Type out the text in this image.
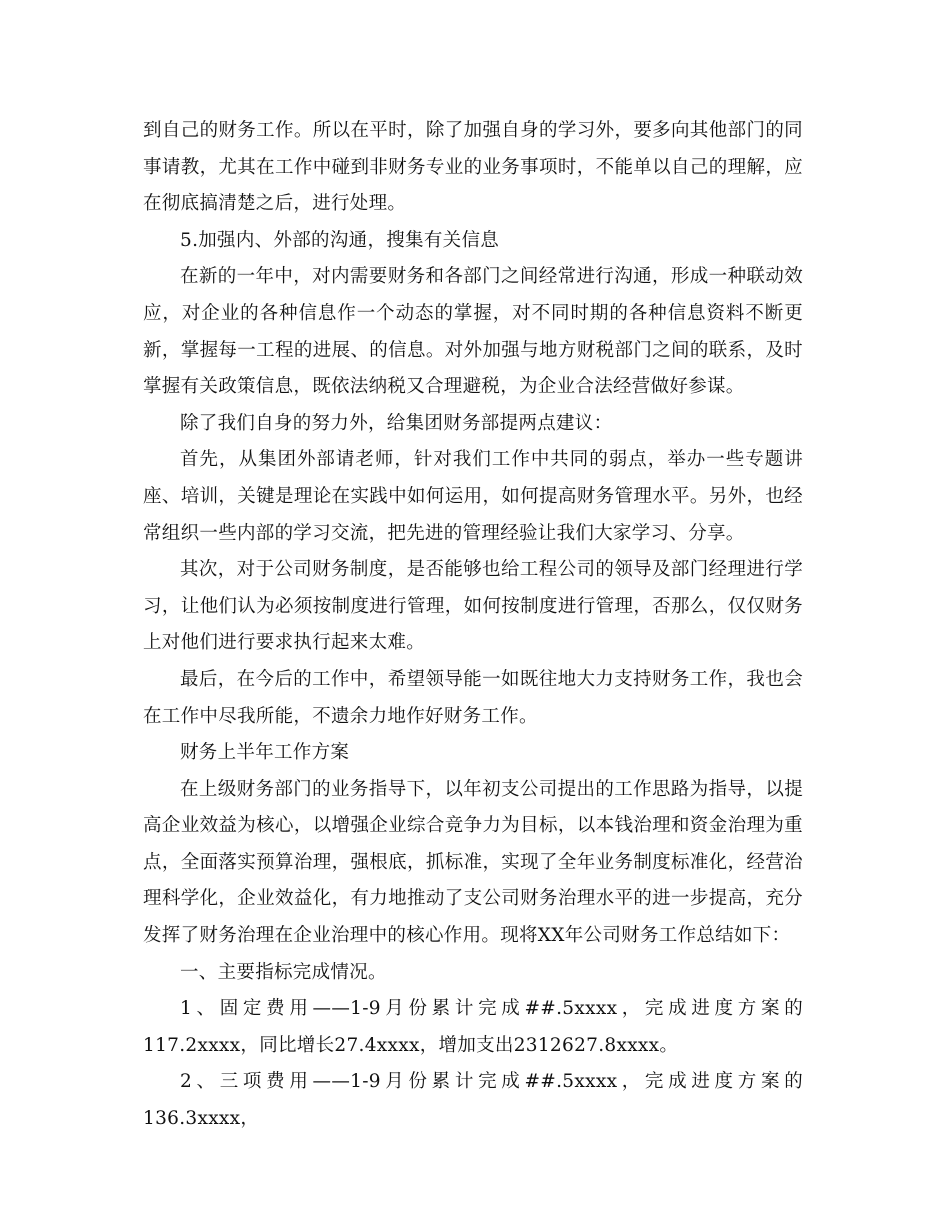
到自己的财务工作。所以在平时，除了加强自身的学习外，要多向其他部门的同事请教，尤其在工作中碰到非财务专业的业务事项时，不能单以自己的理解，应在彻底搞清楚之后，进行处理。

5.加强内、外部的沟通，搜集有关信息

在新的一年中，对内需要财务和各部门之间经常进行沟通，形成一种联动效应，对企业的各种信息作一个动态的掌握，对不同时期的各种信息资料不断更新，掌握每一工程的进展、的信息。对外加强与地方财税部门之间的联系，及时掌握有关政策信息，既依法纳税又合理避税，为企业合法经营做好参谋。

除了我们自身的努力外，给集团财务部提两点建议：

首先，从集团外部请老师，针对我们工作中共同的弱点，举办一些专题讲座、培训，关键是理论在实践中如何运用，如何提高财务管理水平。另外，也经常组织一些内部的学习交流，把先进的管理经验让我们大家学习、分享。

其次，对于公司财务制度，是否能够也给工程公司的领导及部门经理进行学习，让他们认为必须按制度进行管理，如何按制度进行管理，否那么，仅仅财务上对他们进行要求执行起来太难。

最后，在今后的工作中，希望领导能一如既往地大力支持财务工作，我也会在工作中尽我所能，不遗余力地作好财务工作。

财务上半年工作方案

在上级财务部门的业务指导下，以年初支公司提出的工作思路为指导，以提高企业效益为核心，以增强企业综合竞争力为目标，以本钱治理和资金治理为重点，全面落实预算治理，强根底，抓标准，实现了全年业务制度标准化，经营治理科学化，企业效益化，有力地推动了支公司财务治理水平的进一步提高，充分发挥了财务治理在企业治理中的核心作用。现将XX年公司财务工作总结如下：

一、主要指标完成情况。

1、固定费用——1-9月份累计完成##.5xxxx，完成进度方案的117.2xxxx，同比增长27.4xxxx，增加支出2312627.8xxxx。

2、三项费用——1-9月份累计完成##.5xxxx，完成进度方案的136.3xxxx，
